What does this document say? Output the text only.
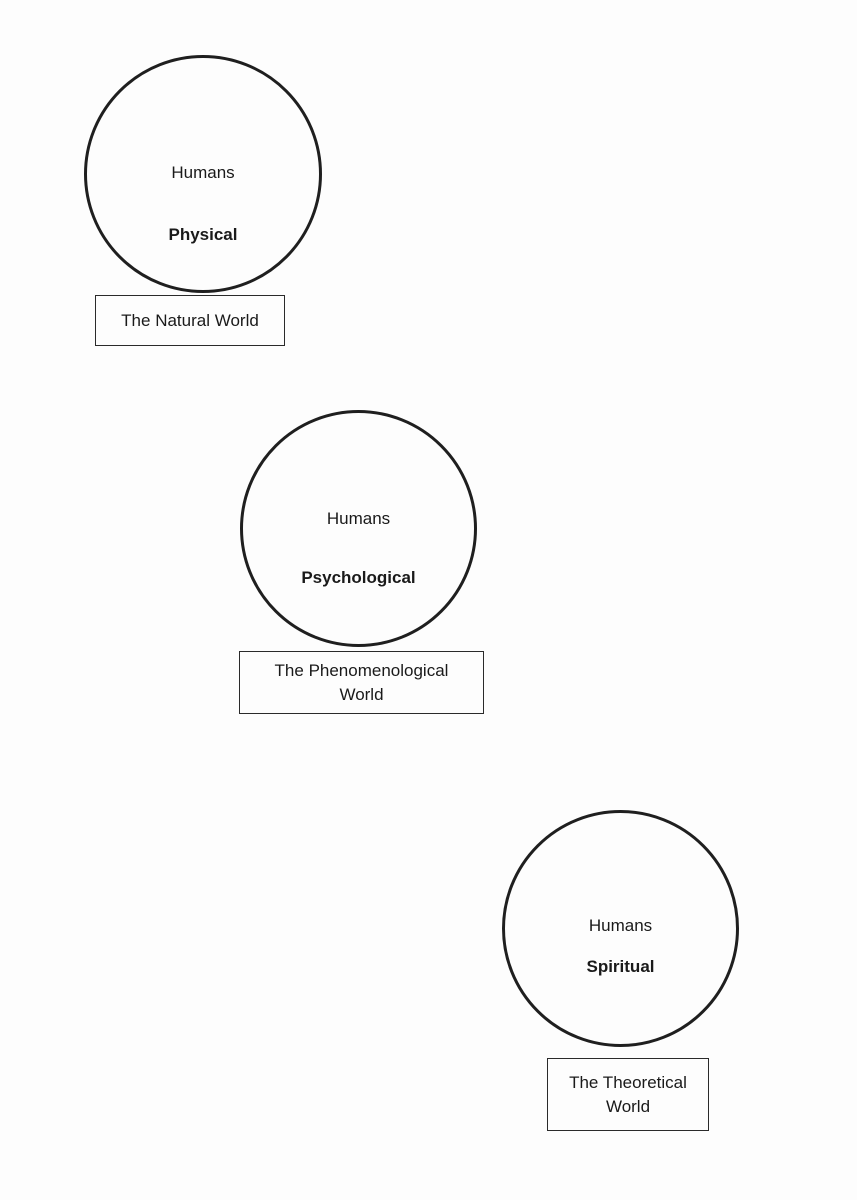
Humans
Physical
The Natural World
Humans
Psychological
The Phenomenological
World
Humans
Spiritual
The Theoretical
World
